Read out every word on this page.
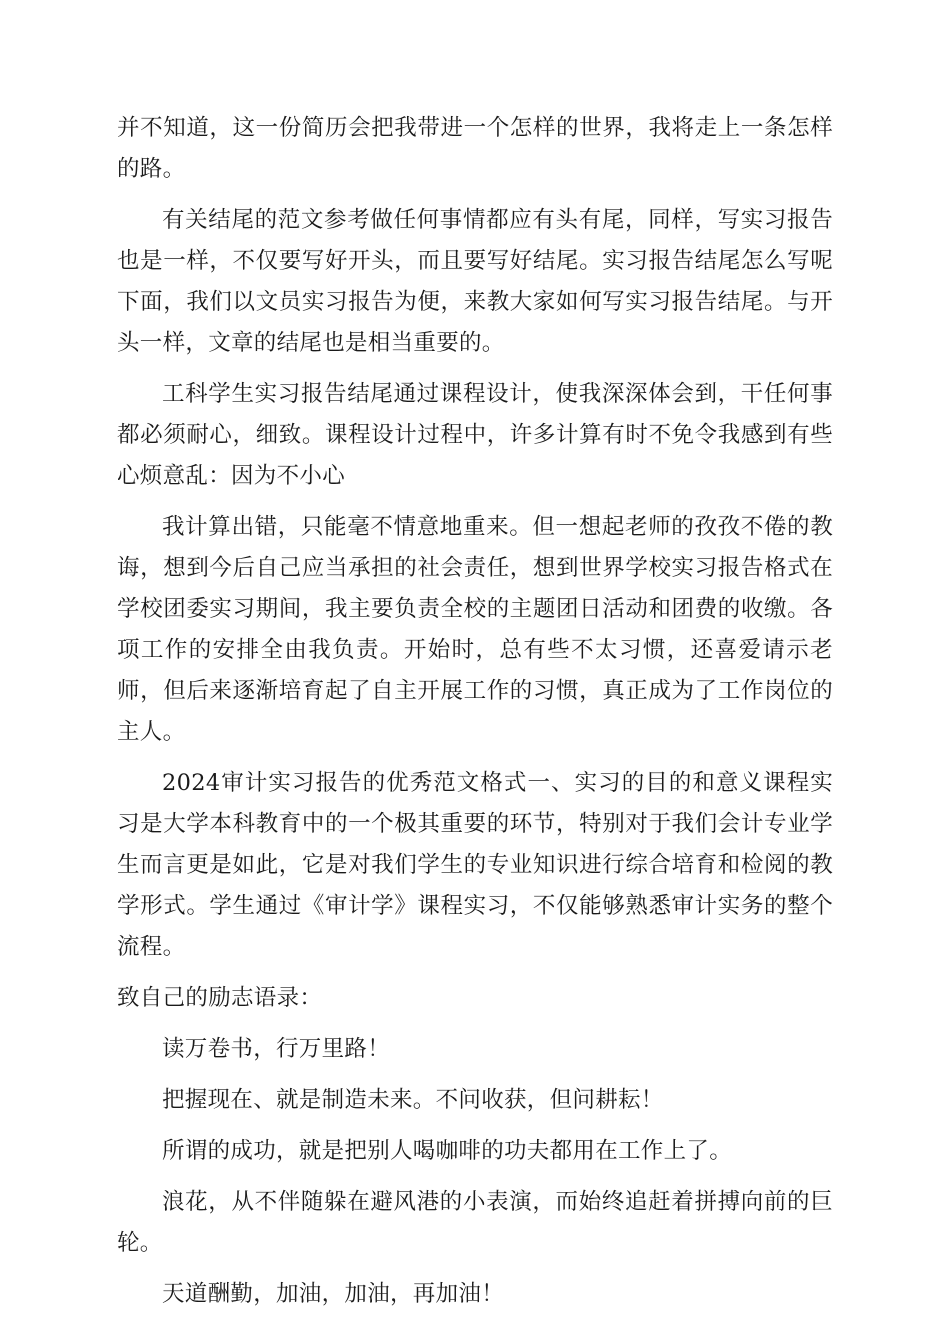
并不知道，这一份简历会把我带进一个怎样的世界，我将走上一条怎样的路。

有关结尾的范文参考做任何事情都应有头有尾，同样，写实习报告也是一样，不仅要写好开头，而且要写好结尾。实习报告结尾怎么写呢下面，我们以文员实习报告为便，来教大家如何写实习报告结尾。与开头一样，文章的结尾也是相当重要的。

工科学生实习报告结尾通过课程设计，使我深深体会到，干任何事都必须耐心，细致。课程设计过程中，许多计算有时不免令我感到有些心烦意乱：因为不小心

我计算出错，只能毫不情意地重来。但一想起老师的孜孜不倦的教诲，想到今后自己应当承担的社会责任，想到世界学校实习报告格式在学校团委实习期间，我主要负责全校的主题团日活动和团费的收缴。各项工作的安排全由我负责。开始时，总有些不太习惯，还喜爱请示老师，但后来逐渐培育起了自主开展工作的习惯，真正成为了工作岗位的主人。

2024审计实习报告的优秀范文格式一、实习的目的和意义课程实习是大学本科教育中的一个极其重要的环节，特别对于我们会计专业学生而言更是如此，它是对我们学生的专业知识进行综合培育和检阅的教学形式。学生通过《审计学》课程实习，不仅能够熟悉审计实务的整个流程。

致自己的励志语录：

读万卷书，行万里路！

把握现在、就是制造未来。不问收获，但问耕耘！

所谓的成功，就是把别人喝咖啡的功夫都用在工作上了。

浪花，从不伴随躲在避风港的小表演，而始终追赶着拼搏向前的巨轮。

天道酬勤，加油，加油，再加油！
